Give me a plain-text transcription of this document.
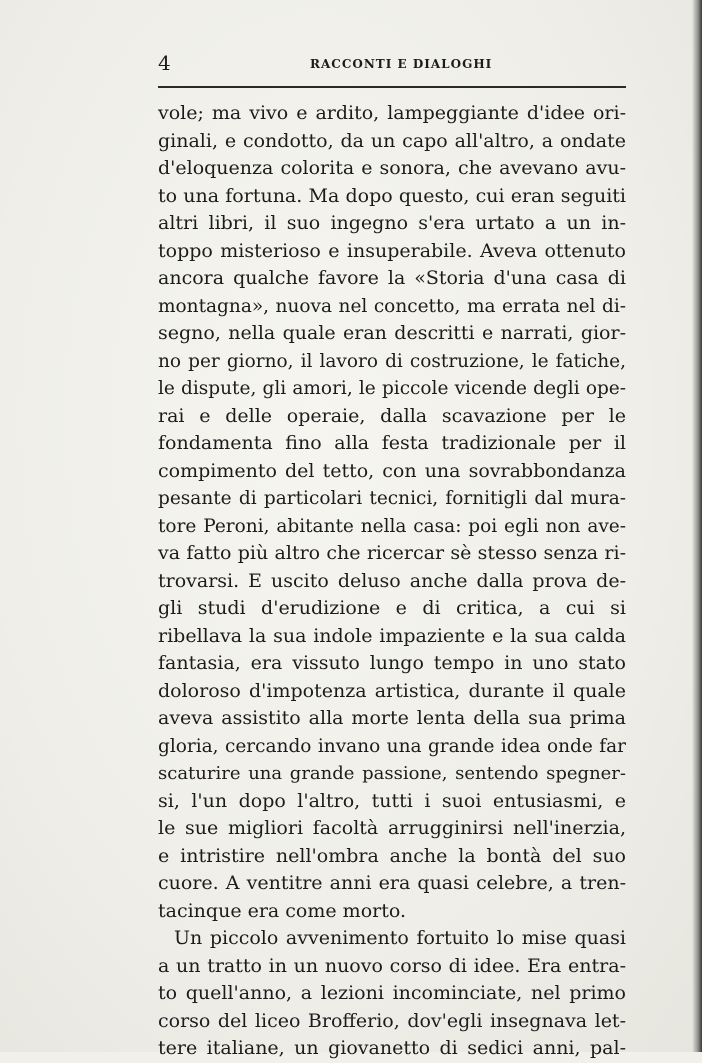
4	RACCONTI E DIALOGHI
vole; ma vivo e ardito, lampeggiante d'idee ori-
ginali, e condotto, da un capo all'altro, a ondate
d'eloquenza colorita e sonora, che avevano avu-
to una fortuna. Ma dopo questo, cui eran seguiti
altri libri, il suo ingegno s'era urtato a un in-
toppo misterioso e insuperabile. Aveva ottenuto
ancora qualche favore la «Storia d'una casa di
montagna», nuova nel concetto, ma errata nel di-
segno, nella quale eran descritti e narrati, gior-
no per giorno, il lavoro di costruzione, le fatiche,
le dispute, gli amori, le piccole vicende degli ope-
rai e delle operaie, dalla scavazione per le
fondamenta fino alla festa tradizionale per il
compimento del tetto, con una sovrabbondanza
pesante di particolari tecnici, fornitigli dal mura-
tore Peroni, abitante nella casa: poi egli non ave-
va fatto più altro che ricercar sè stesso senza ri-
trovarsi. E uscito deluso anche dalla prova de-
gli studi d'erudizione e di critica, a cui si
ribellava la sua indole impaziente e la sua calda
fantasia, era vissuto lungo tempo in uno stato
doloroso d'impotenza artistica, durante il quale
aveva assistito alla morte lenta della sua prima
gloria, cercando invano una grande idea onde far
scaturire una grande passione, sentendo spegner-
si, l'un dopo l'altro, tutti i suoi entusiasmi, e
le sue migliori facoltà arrugginirsi nell'inerzia,
e intristire nell'ombra anche la bontà del suo
cuore. A ventitre anni era quasi celebre, a tren-
tacinque era come morto.
Un piccolo avvenimento fortuito lo mise quasi
a un tratto in un nuovo corso di idee. Era entra-
to quell'anno, a lezioni incominciate, nel primo
corso del liceo Brofferio, dov'egli insegnava let-
tere italiane, un giovanetto di sedici anni, pal-
